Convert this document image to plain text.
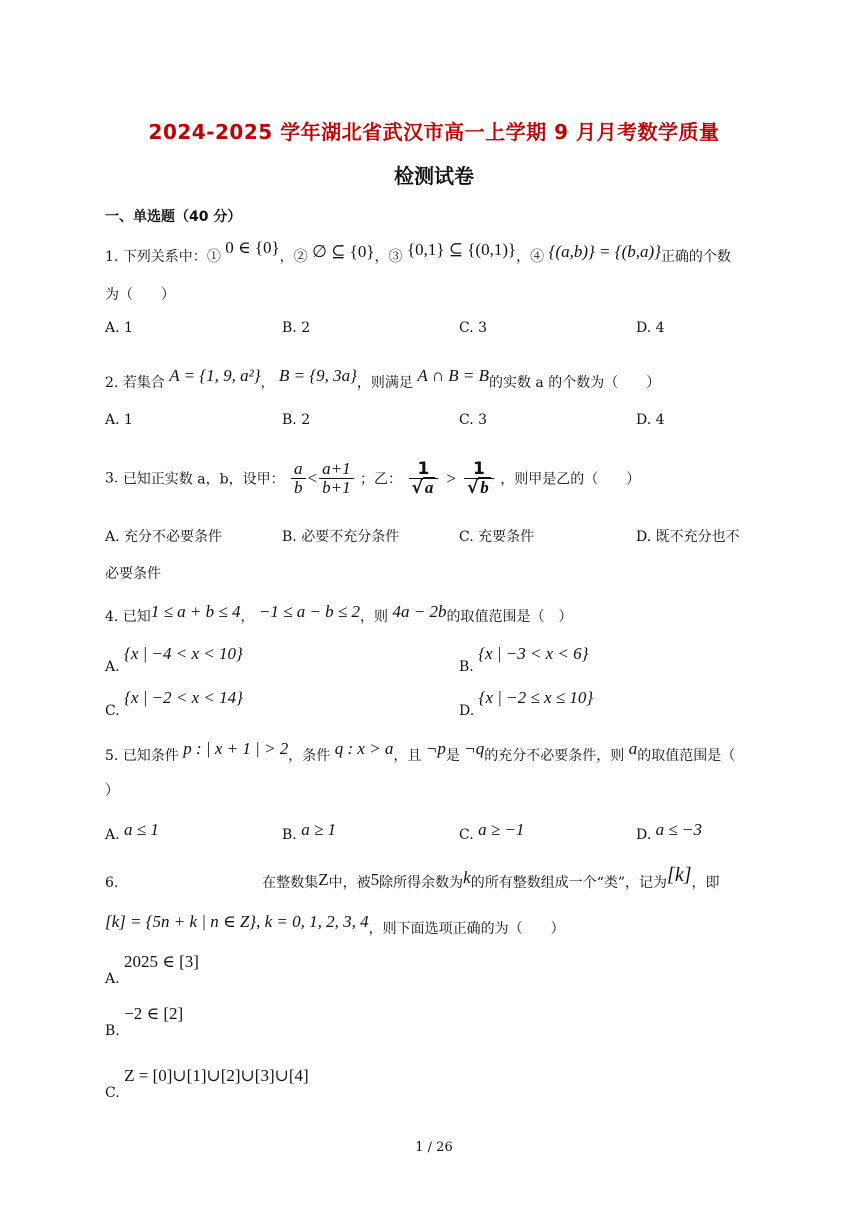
2024-2025 学年湖北省武汉市高一上学期 9 月月考数学质量
检测试卷
一、单选题（40 分）
1. 下列关系中：① 0 ∈ {0}，② ∅ ⊆ {0}，③ {0,1} ⊆ {(0,1)}，④ {(a,b)} = {(b,a)}正确的个数
为（　　）
A. 1	B. 2	C. 3	D. 4
2. 若集合 A = {1, 9, a²}， B = {9, 3a}，则满足 A ∩ B = B的实数 a 的个数为（　　）
A. 1	B. 2	C. 3	D. 4
3. 已知正实数 a，b，设甲： $\frac{a}{b} < \frac{a+1}{b+1}$ ；乙： $\frac{1}{√ a} > \frac{1}{√ b}$ ，则甲是乙的（　　）
A. 充分不必要条件	B. 必要不充分条件	C. 充要条件	D. 既不充分也不
必要条件
4. 已知1 ≤ a + b ≤ 4， −1 ≤ a − b ≤ 2，则 4a − 2b的取值范围是（　）
A. {x | −4 < x < 10}
B. {x | −3 < x < 6}
C. {x | −2 < x < 14}
D. {x | −2 ≤ x ≤ 10}
5. 已知条件 p : | x + 1 | > 2，条件 q : x > a，且 ¬p是 ¬q的充分不必要条件，则 a的取值范围是（
）
A. a ≤ 1	B. a ≥ 1	C. a ≥ −1	D. a ≤ −3
6.	在整数集Z中，被5除所得余数为k的所有整数组成一个“类”，记为[k]，即
[k] = {5n + k | n ∈ Z}, k = 0, 1, 2, 3, 4，则下面选项正确的为（　　）
A. 2025 ∈ [3]
B. −2 ∈ [2]
C. Z = [0]∪[1]∪[2]∪[3]∪[4]
1 / 26
